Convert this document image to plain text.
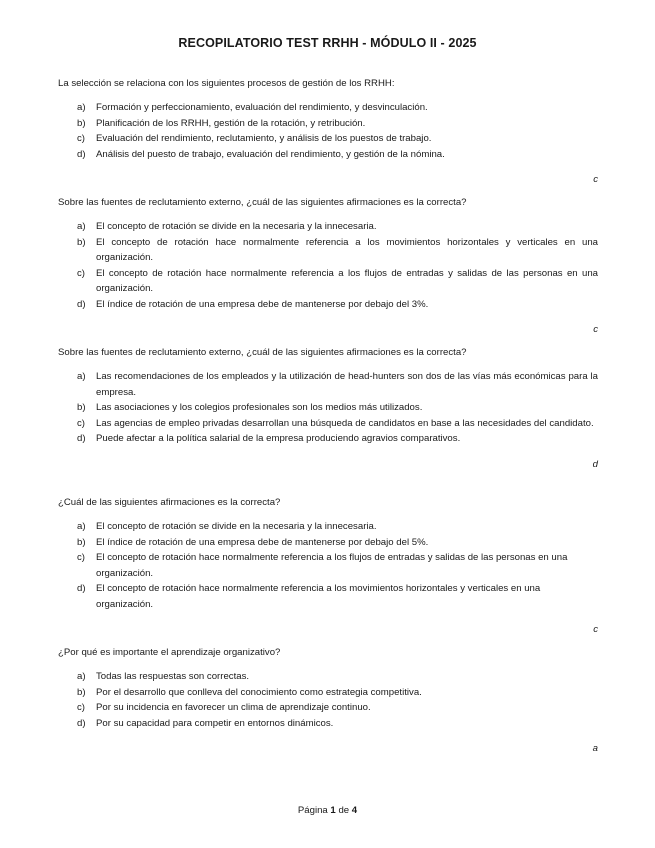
RECOPILATORIO TEST RRHH - MÓDULO II - 2025

La selección se relaciona con los siguientes procesos de gestión de los RRHH:

a)	Formación y perfeccionamiento, evaluación del rendimiento, y desvinculación.
b)	Planificación de los RRHH, gestión de la rotación, y retribución.
c)	Evaluación del rendimiento, reclutamiento, y análisis de los puestos de trabajo.
d)	Análisis del puesto de trabajo, evaluación del rendimiento, y gestión de la nómina.
c

Sobre las fuentes de reclutamiento externo, ¿cuál de las siguientes afirmaciones es la correcta?

a)	El concepto de rotación se divide en la necesaria y la innecesaria.
b)	El concepto de rotación hace normalmente referencia a los movimientos horizontales y verticales en una organización.
c)	El concepto de rotación hace normalmente referencia a los flujos de entradas y salidas de las personas en una organización.
d)	El índice de rotación de una empresa debe de mantenerse por debajo del 3%.
c

Sobre las fuentes de reclutamiento externo, ¿cuál de las siguientes afirmaciones es la correcta?

a)	Las recomendaciones de los empleados y la utilización de head-hunters son dos de las vías más económicas para la empresa.
b)	Las asociaciones y los colegios profesionales son los medios más utilizados.
c)	Las agencias de empleo privadas desarrollan una búsqueda de candidatos en base a las necesidades del candidato.
d)	Puede afectar a la política salarial de la empresa produciendo agravios comparativos.
d

¿Cuál de las siguientes afirmaciones es la correcta?

a)	El concepto de rotación se divide en la necesaria y la innecesaria.
b)	El índice de rotación de una empresa debe de mantenerse por debajo del 5%.
c)	El concepto de rotación hace normalmente referencia a los flujos de entradas y salidas de las personas en una organización.
d)	El concepto de rotación hace normalmente referencia a los movimientos horizontales y verticales en una organización.
c

¿Por qué es importante el aprendizaje organizativo?

a)	Todas las respuestas son correctas.
b)	Por el desarrollo que conlleva del conocimiento como estrategia competitiva.
c)	Por su incidencia en favorecer un clima de aprendizaje continuo.
d)	Por su capacidad para competir en entornos dinámicos.
a
Página 1 de 4
